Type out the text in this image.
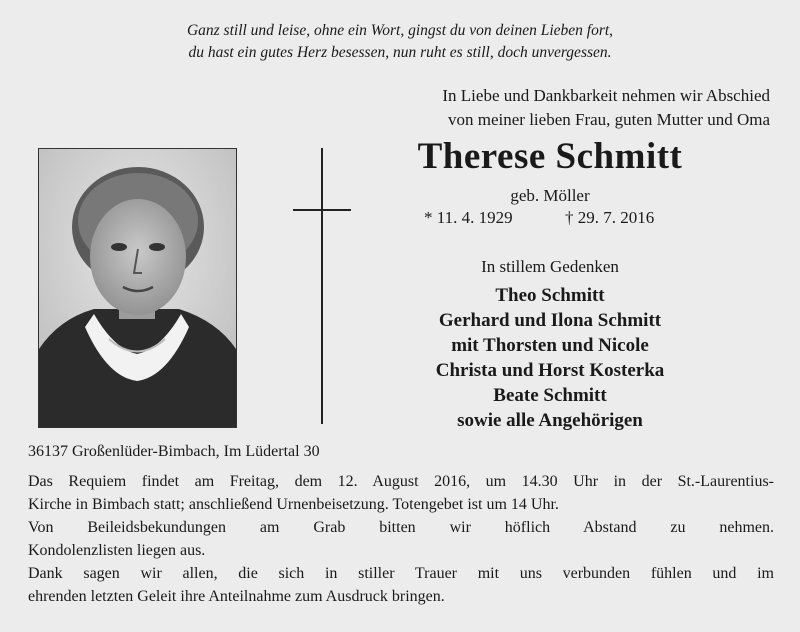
Ganz still und leise, ohne ein Wort, gingst du von deinen Lieben fort,
du hast ein gutes Herz besessen, nun ruht es still, doch unvergessen.
In Liebe und Dankbarkeit nehmen wir Abschied
von meiner lieben Frau, guten Mutter und Oma
Therese Schmitt
geb. Möller
* 11. 4. 1929	† 29. 7. 2016
In stillem Gedenken
Theo Schmitt
Gerhard und Ilona Schmitt
mit Thorsten und Nicole
Christa und Horst Kosterka
Beate Schmitt
sowie alle Angehörigen
36137 Großenlüder-Bimbach, Im Lüdertal 30
Das Requiem findet am Freitag, dem 12. August 2016, um 14.30 Uhr in der St.-Laurentius-
Kirche in Bimbach statt; anschließend Urnenbeisetzung. Totengebet ist um 14 Uhr.
Von Beileidsbekundungen am Grab bitten wir höflich Abstand zu nehmen.
Kondolenzlisten liegen aus.
Dank sagen wir allen, die sich in stiller Trauer mit uns verbunden fühlen und im
ehrenden letzten Geleit ihre Anteilnahme zum Ausdruck bringen.
